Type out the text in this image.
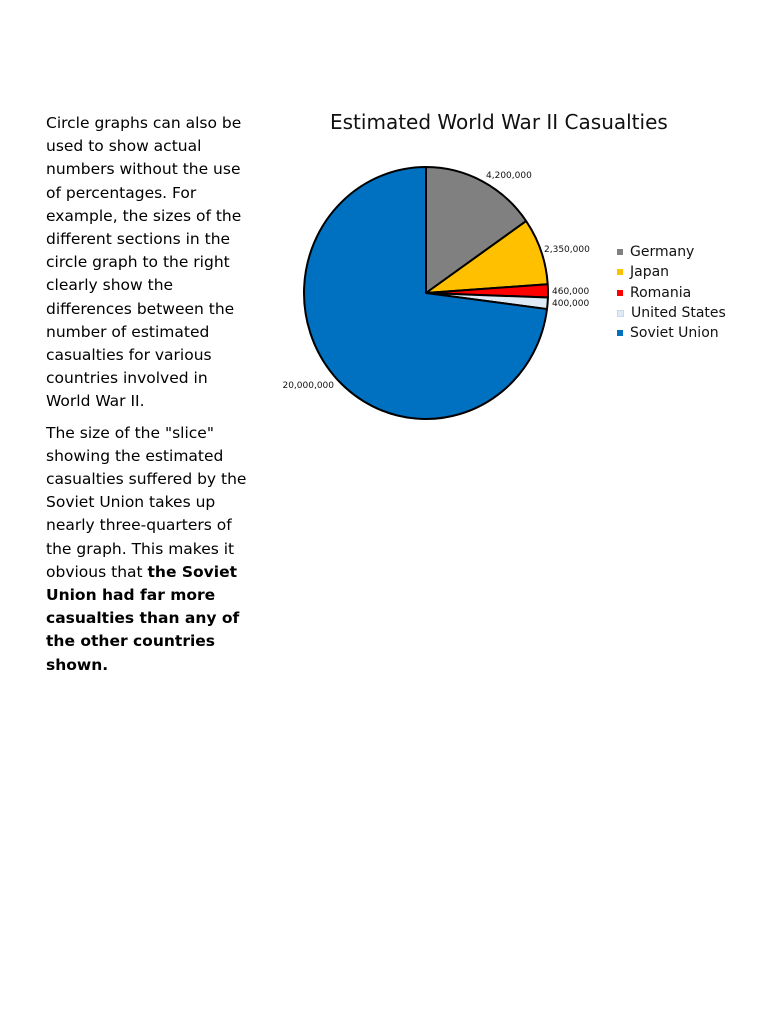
Circle graphs can also be used to show actual numbers without the use of percentages. For example, the sizes of the different sections in the circle graph to the right clearly show the differences between the number of estimated casualties for various countries involved in World War II.

The size of the "slice" showing the estimated casualties suffered by the Soviet Union takes up nearly three-quarters of the graph. This makes it obvious that the Soviet Union had far more casualties than any of the other countries shown.

Estimated World War II Casualties
4,200,000
2,350,000
460,000
400,000
20,000,000
Germany
Japan
Romania
United States
Soviet Union
